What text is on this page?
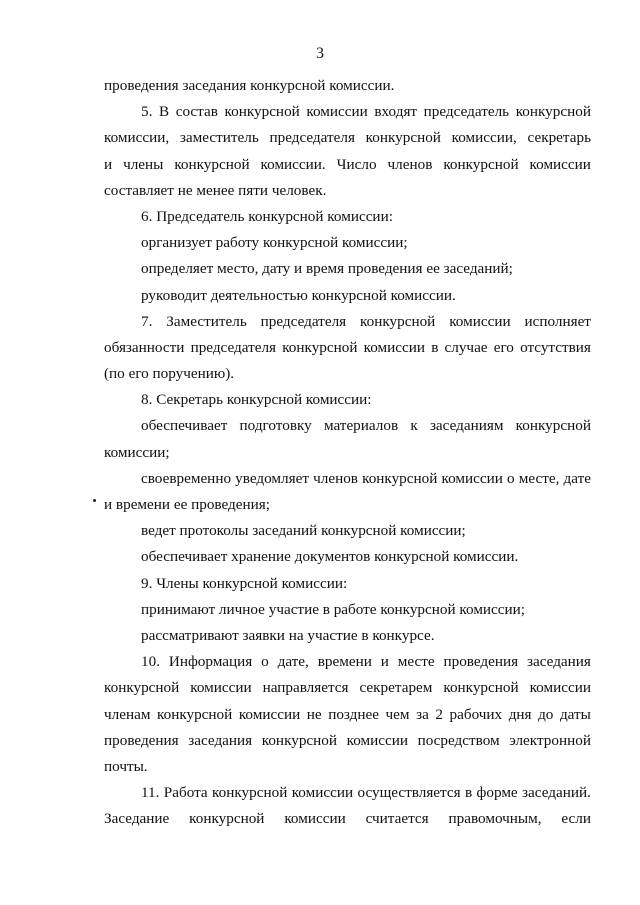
3
проведения заседания конкурсной комиссии.
5. В состав конкурсной комиссии входят председатель конкурсной
комиссии, заместитель председателя конкурсной комиссии, секретарь
и члены конкурсной комиссии. Число членов конкурсной комиссии
составляет не менее пяти человек.
6. Председатель конкурсной комиссии:
организует работу конкурсной комиссии;
определяет место, дату и время проведения ее заседаний;
руководит деятельностью конкурсной комиссии.
7. Заместитель председателя конкурсной комиссии исполняет
обязанности председателя конкурсной комиссии в случае его отсутствия
(по его поручению).
8. Секретарь конкурсной комиссии:
обеспечивает подготовку материалов к заседаниям конкурсной
комиссии;
своевременно уведомляет членов конкурсной комиссии о месте, дате
и времени ее проведения;
ведет протоколы заседаний конкурсной комиссии;
обеспечивает хранение документов конкурсной комиссии.
9. Члены конкурсной комиссии:
принимают личное участие в работе конкурсной комиссии;
рассматривают заявки на участие в конкурсе.
10. Информация о дате, времени и месте проведения заседания
конкурсной комиссии направляется секретарем конкурсной комиссии
членам конкурсной комиссии не позднее чем за 2 рабочих дня до даты
проведения заседания конкурсной комиссии посредством электронной
почты.
11. Работа конкурсной комиссии осуществляется в форме заседаний.
Заседание конкурсной комиссии считается правомочным, если
